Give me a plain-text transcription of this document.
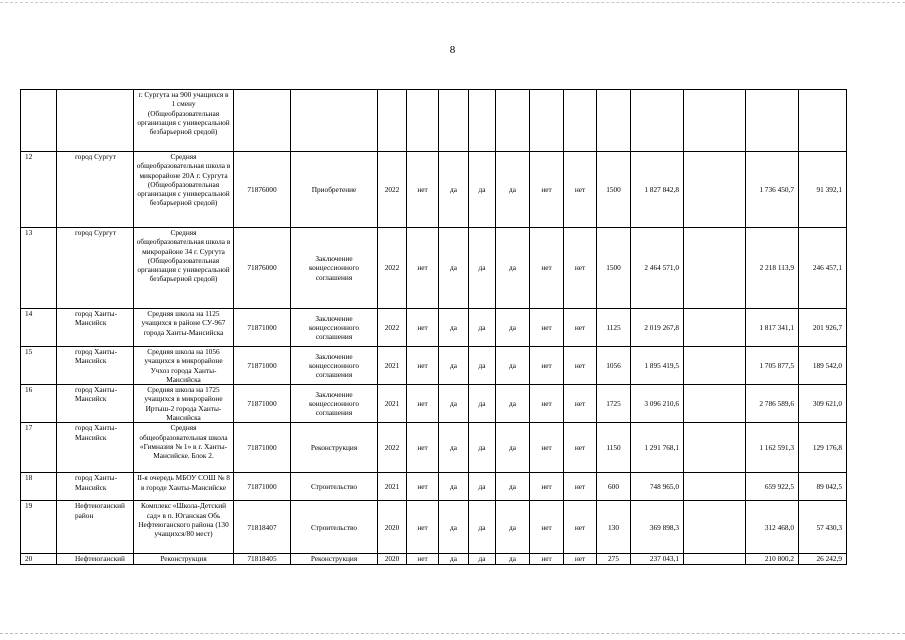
8
		г. Сургута на 900 учащихся в 1 смену (Общеобразовательная организация с универсальной безбарьерной средой)														
12	город Сургут	Средняя общеобразовательная школа в микрорайоне 20А г. Сургута (Общеобразовательная организация с универсальной безбарьерной средой)	71876000	Приобретение	2022	нет	да	да	да	нет	нет	1500	1 827 842,8		1 736 450,7	91 392,1
13	город Сургут	Средняя общеобразовательная школа в микрорайоне 34 г. Сургута (Общеобразовательная организация с универсальной безбарьерной средой)	71876000	Заключение концессионного соглашения	2022	нет	да	да	да	нет	нет	1500	2 464 571,0		2 218 113,9	246 457,1
14	город Ханты-Мансийск	Средняя школа на 1125 учащихся в районе СУ-967 города Ханты-Мансийска	71871000	Заключение концессионного соглашения	2022	нет	да	да	да	нет	нет	1125	2 019 267,8		1 817 341,1	201 926,7
15	город Ханты-Мансийск	Средняя школа на 1056 учащихся в микрорайоне Учхоз города Ханты-Мансийска	71871000	Заключение концессионного соглашения	2021	нет	да	да	да	нет	нет	1056	1 895 419,5		1 705 877,5	189 542,0
16	город Ханты-Мансийск	Средняя школа на 1725 учащихся в микрорайоне Иртыш-2 города Ханты-Мансийска	71871000	Заключение концессионного соглашения	2021	нет	да	да	да	нет	нет	1725	3 096 210,6		2 786 589,6	309 621,0
17	город Ханты-Мансийск	Средняя общеобразовательная школа «Гимназия № 1» в г. Ханты-Мансийске. Блок 2.	71871000	Реконструкция	2022	нет	да	да	да	нет	нет	1150	1 291 768,1		1 162 591,3	129 176,8
18	город Ханты-Мансийск	II-я очередь МБОУ СОШ № 8 в городе Ханты-Мансийске	71871000	Строительство	2021	нет	да	да	да	нет	нет	600	748 965,0		659 922,5	89 042,5
19	Нефтеюганский район	Комплекс «Школа-Детский сад» в п. Юганская Обь Нефтеюганского района (130 учащихся/80 мест)	71818407	Строительство	2020	нет	да	да	да	нет	нет	130	369 898,3		312 468,0	57 430,3
20	Нефтеюганский	Реконструкция	71818405	Реконструкция	2020	нет	да	да	да	нет	нет	275	237 043,1		210 800,2	26 242,9
